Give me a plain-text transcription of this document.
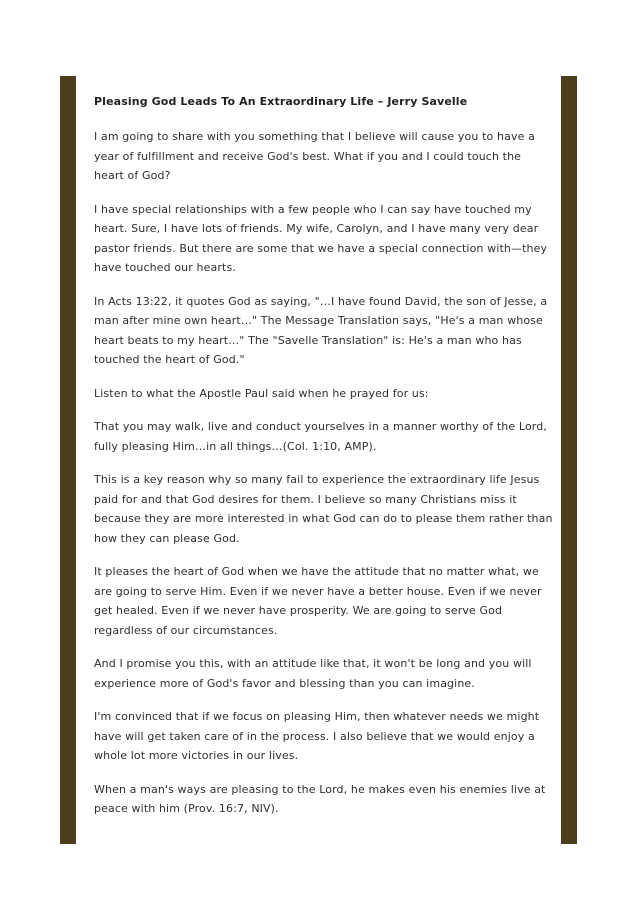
Pleasing God Leads To An Extraordinary Life – Jerry Savelle

I am going to share with you something that I believe will cause you to have a year of fulfillment and receive God's best. What if you and I could touch the heart of God?

I have special relationships with a few people who I can say have touched my heart. Sure, I have lots of friends. My wife, Carolyn, and I have many very dear pastor friends. But there are some that we have a special connection with—they have touched our hearts.

In Acts 13:22, it quotes God as saying, "…I have found David, the son of Jesse, a man after mine own heart…" The Message Translation says, "He's a man whose heart beats to my heart…" The "Savelle Translation" is: He's a man who has touched the heart of God."

Listen to what the Apostle Paul said when he prayed for us:

That you may walk, live and conduct yourselves in a manner worthy of the Lord, fully pleasing Him…in all things…(Col. 1:10, AMP).

This is a key reason why so many fail to experience the extraordinary life Jesus paid for and that God desires for them. I believe so many Christians miss it because they are more interested in what God can do to please them rather than how they can please God.

It pleases the heart of God when we have the attitude that no matter what, we are going to serve Him. Even if we never have a better house. Even if we never get healed. Even if we never have prosperity. We are going to serve God regardless of our circumstances.

And I promise you this, with an attitude like that, it won't be long and you will experience more of God's favor and blessing than you can imagine.

I'm convinced that if we focus on pleasing Him, then whatever needs we might have will get taken care of in the process. I also believe that we would enjoy a whole lot more victories in our lives.

When a man's ways are pleasing to the Lord, he makes even his enemies live at peace with him (Prov. 16:7, NIV).
